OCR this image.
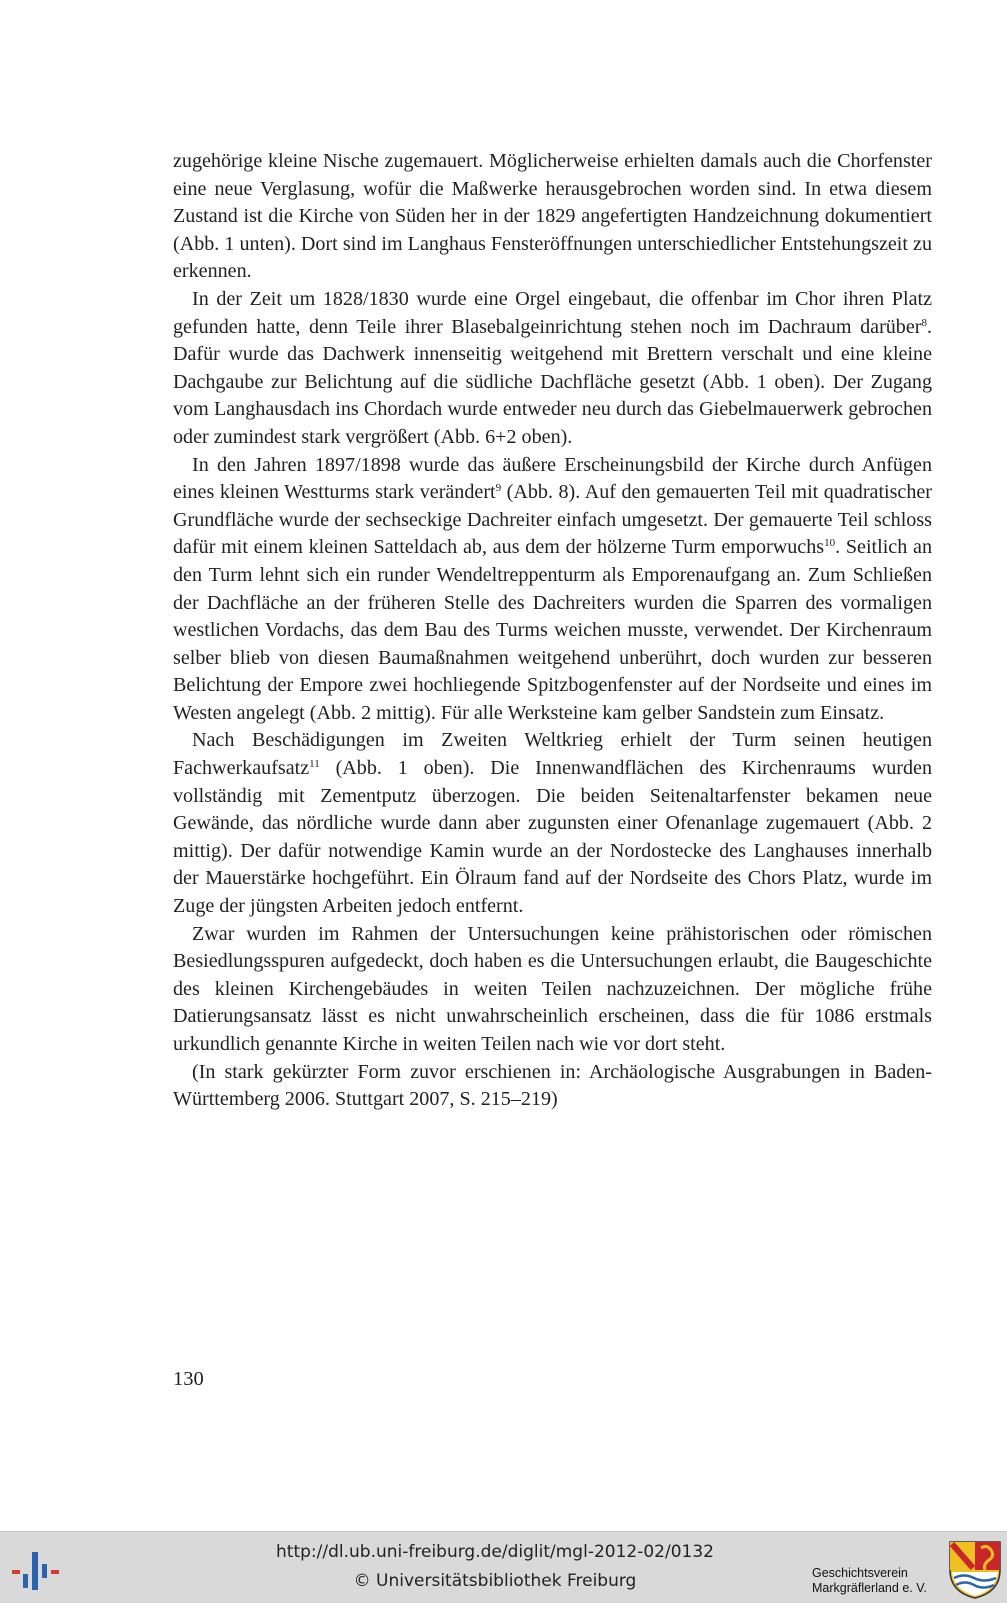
zugehörige kleine Nische zugemauert. Möglicherweise erhielten damals auch die Chorfenster eine neue Verglasung, wofür die Maßwerke herausgebrochen worden sind. In etwa diesem Zustand ist die Kirche von Süden her in der 1829 angefertigten Handzeichnung dokumentiert (Abb. 1 unten). Dort sind im Langhaus Fensteröffnungen unterschiedlicher Entstehungszeit zu erkennen.

In der Zeit um 1828/1830 wurde eine Orgel eingebaut, die offenbar im Chor ihren Platz gefunden hatte, denn Teile ihrer Blasebalgeinrichtung stehen noch im Dachraum darüber$^8$. Dafür wurde das Dachwerk innenseitig weitgehend mit Brettern verschalt und eine kleine Dachgaube zur Belichtung auf die südliche Dachfläche gesetzt (Abb. 1 oben). Der Zugang vom Langhausdach ins Chordach wurde entweder neu durch das Giebelmauerwerk gebrochen oder zumindest stark vergrößert (Abb. 6+2 oben).

In den Jahren 1897/1898 wurde das äußere Erscheinungsbild der Kirche durch Anfügen eines kleinen Westturms stark verändert$^9$ (Abb. 8). Auf den gemauerten Teil mit quadratischer Grundfläche wurde der sechseckige Dachreiter einfach umgesetzt. Der gemauerte Teil schloss dafür mit einem kleinen Satteldach ab, aus dem der hölzerne Turm emporwuchs$^{10}$. Seitlich an den Turm lehnt sich ein runder Wendeltreppenturm als Emporenaufgang an. Zum Schließen der Dachfläche an der früheren Stelle des Dachreiters wurden die Sparren des vormaligen westlichen Vordachs, das dem Bau des Turms weichen musste, verwendet. Der Kirchenraum selber blieb von diesen Baumaßnahmen weitgehend unberührt, doch wurden zur besseren Belichtung der Empore zwei hochliegende Spitzbogenfenster auf der Nordseite und eines im Westen angelegt (Abb. 2 mittig). Für alle Werksteine kam gelber Sandstein zum Einsatz.

Nach Beschädigungen im Zweiten Weltkrieg erhielt der Turm seinen heutigen Fachwerkaufsatz$^{11}$ (Abb. 1 oben). Die Innenwandflächen des Kirchenraums wurden vollständig mit Zementputz überzogen. Die beiden Seitenaltarfenster bekamen neue Gewände, das nördliche wurde dann aber zugunsten einer Ofenanlage zugemauert (Abb. 2 mittig). Der dafür notwendige Kamin wurde an der Nordostecke des Langhauses innerhalb der Mauerstärke hochgeführt. Ein Ölraum fand auf der Nordseite des Chors Platz, wurde im Zuge der jüngsten Arbeiten jedoch entfernt.

Zwar wurden im Rahmen der Untersuchungen keine prähistorischen oder römischen Besiedlungsspuren aufgedeckt, doch haben es die Untersuchungen erlaubt, die Baugeschichte des kleinen Kirchengebäudes in weiten Teilen nachzuzeichnen. Der mögliche frühe Datierungsansatz lässt es nicht unwahrscheinlich erscheinen, dass die für 1086 erstmals urkundlich genannte Kirche in weiten Teilen nach wie vor dort steht.

(In stark gekürzter Form zuvor erschienen in: Archäologische Ausgrabungen in Baden-Württemberg 2006. Stuttgart 2007, S. 215–219)

130
http://dl.ub.uni-freiburg.de/diglit/mgl-2012-02/0132
© Universitätsbibliothek Freiburg	Geschichtsverein
Markgräflerland e. V.
